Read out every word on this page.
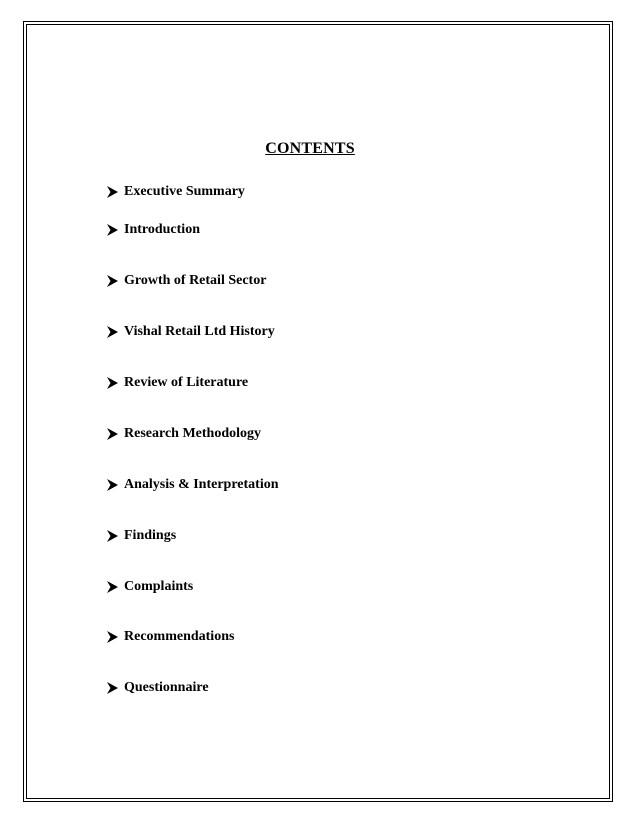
CONTENTS
Executive Summary
Introduction
Growth of Retail Sector
Vishal Retail Ltd History
Review of Literature
Research Methodology
Analysis & Interpretation
Findings
Complaints
Recommendations
Questionnaire
